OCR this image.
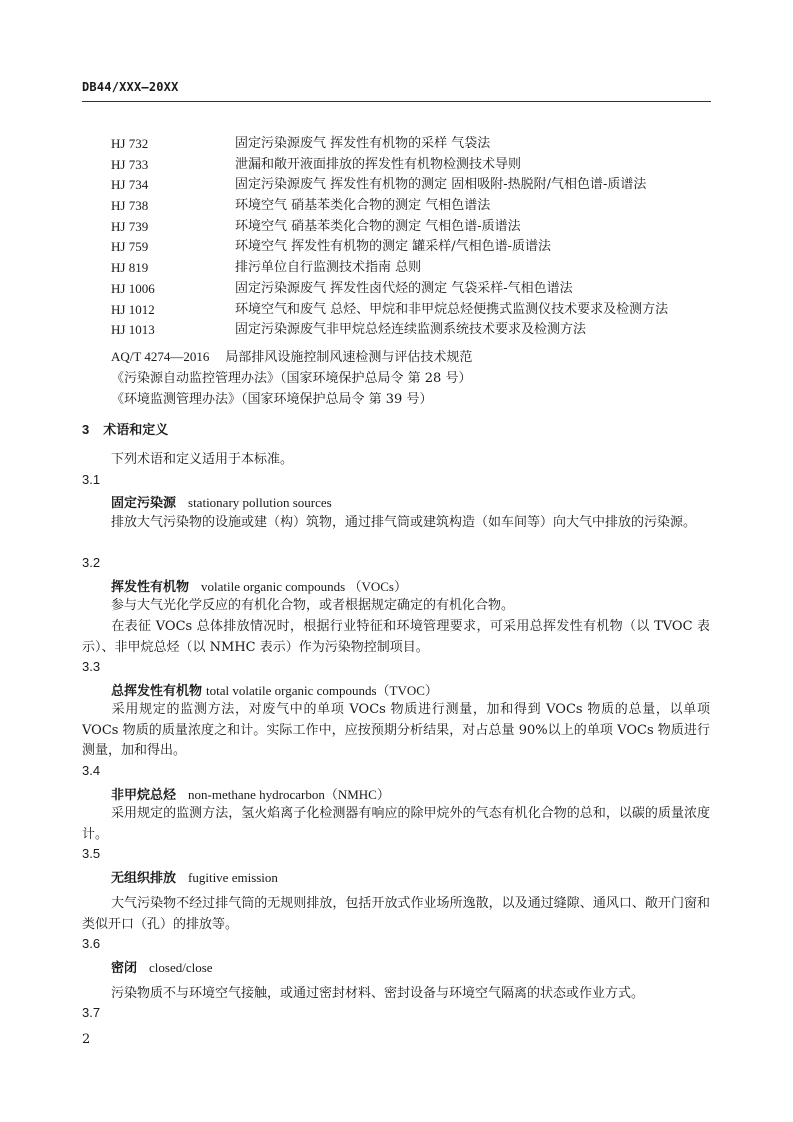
DB44/XXX—20XX
HJ 732	固定污染源废气 挥发性有机物的采样 气袋法
HJ 733	泄漏和敞开液面排放的挥发性有机物检测技术导则
HJ 734	固定污染源废气 挥发性有机物的测定 固相吸附-热脱附/气相色谱-质谱法
HJ 738	环境空气 硝基苯类化合物的测定 气相色谱法
HJ 739	环境空气 硝基苯类化合物的测定 气相色谱-质谱法
HJ 759	环境空气 挥发性有机物的测定 罐采样/气相色谱-质谱法
HJ 819	排污单位自行监测技术指南 总则
HJ 1006	固定污染源废气 挥发性卤代烃的测定 气袋采样-气相色谱法
HJ 1012	环境空气和废气 总烃、甲烷和非甲烷总烃便携式监测仪技术要求及检测方法
HJ 1013	固定污染源废气非甲烷总烃连续监测系统技术要求及检测方法
AQ/T 4274—2016 局部排风设施控制风速检测与评估技术规范
《污染源自动监控管理办法》（国家环境保护总局令 第 28 号）
《环境监测管理办法》（国家环境保护总局令 第 39 号）
3 术语和定义
下列术语和定义适用于本标准。
3.1
固定污染源 stationary pollution sources
排放大气污染物的设施或建（构）筑物，通过排气筒或建筑构造（如车间等）向大气中排放的污染源。
3.2
挥发性有机物 volatile organic compounds （VOCs）
参与大气光化学反应的有机化合物，或者根据规定确定的有机化合物。
在表征 VOCs 总体排放情况时，根据行业特征和环境管理要求，可采用总挥发性有机物（以 TVOC 表示）、非甲烷总烃（以 NMHC 表示）作为污染物控制项目。
3.3
总挥发性有机物 total volatile organic compounds（TVOC）
采用规定的监测方法，对废气中的单项 VOCs 物质进行测量，加和得到 VOCs 物质的总量，以单项 VOCs 物质的质量浓度之和计。实际工作中，应按预期分析结果，对占总量 90%以上的单项 VOCs 物质进行测量，加和得出。
3.4
非甲烷总烃 non-methane hydrocarbon（NMHC）
采用规定的监测方法，氢火焰离子化检测器有响应的除甲烷外的气态有机化合物的总和，以碳的质量浓度计。
3.5
无组织排放 fugitive emission
大气污染物不经过排气筒的无规则排放，包括开放式作业场所逸散，以及通过缝隙、通风口、敞开门窗和类似开口（孔）的排放等。
3.6
密闭 closed/close
污染物质不与环境空气接触，或通过密封材料、密封设备与环境空气隔离的状态或作业方式。
3.7
2
